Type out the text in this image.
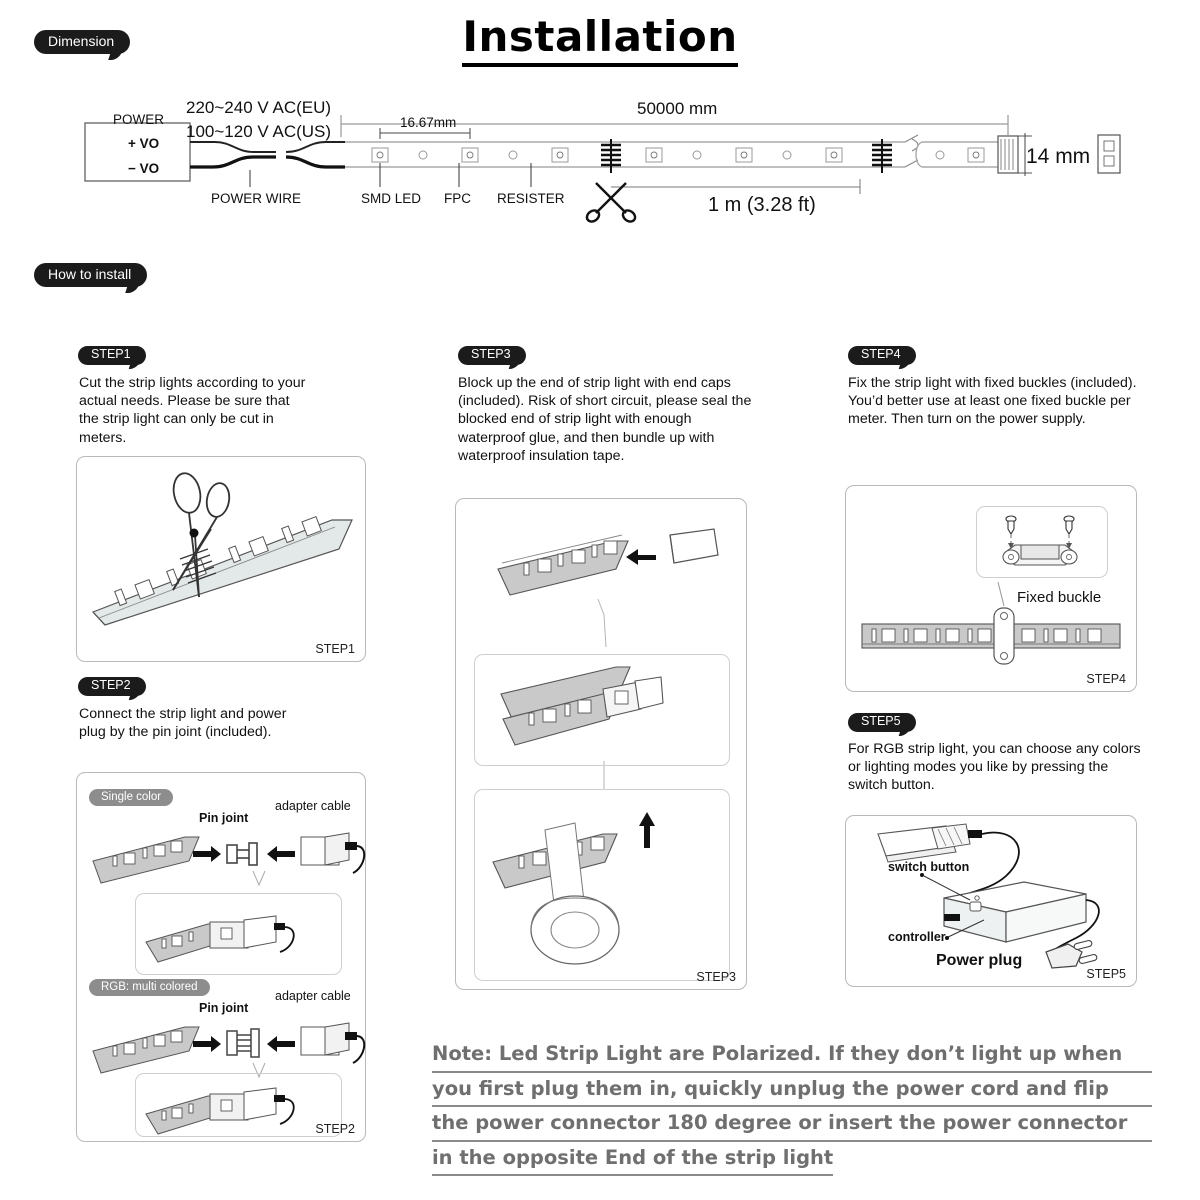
Dimension	Installation
POWER
+ VO
− VO
220~240 V AC(EU)
100~120 V AC(US)
POWER WIRE	SMD LED FPC RESISTER
16.67mm
50000 mm
14 mm
1 m (3.28 ft)
How to install
STEP1
Cut the strip lights according to your actual needs. Please be sure that the strip light can only be cut in meters.
STEP1
STEP2
Connect the strip light and power plug by the pin joint (included).
Single color
RGB: multi colored
Pin joint
adapter cable
Pin joint
adapter cable
STEP2
STEP3
Block up the end of strip light with end caps (included). Risk of short circuit, please seal the blocked end of strip light with enough waterproof glue, and then bundle up with waterproof insulation tape.
STEP3
STEP4
Fix the strip light with fixed buckles (included). You’d better use at least one fixed buckle per meter. Then turn on the power supply.
Fixed buckle
STEP4
STEP5
For RGB strip light, you can choose any colors or lighting modes you like by pressing the switch button.
switch button
controller
Power plug
STEP5
Note: Led Strip Light are Polarized. If they don’t light up when
you first plug them in, quickly unplug the power cord and flip
the power connector 180 degree or insert the power connector
in the opposite End of the strip light
